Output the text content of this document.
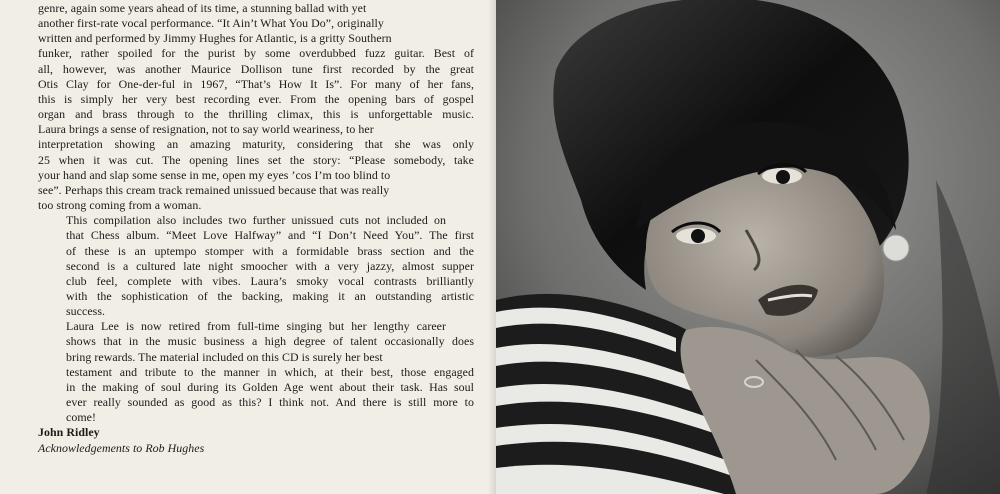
genre, again some years ahead of its time, a stunning ballad with yet
another first-rate vocal performance. “It Ain’t What You Do”, originally
written and performed by Jimmy Hughes for Atlantic, is a gritty Southern
funker, rather spoiled for the purist by some overdubbed fuzz guitar. Best of
all, however, was another Maurice Dollison tune first recorded by the great
Otis Clay for One-der-ful in 1967, “That’s How It Is”. For many of her fans,
this is simply her very best recording ever. From the opening bars of gospel
organ and brass through to the thrilling climax, this is unforgettable music.
Laura brings a sense of resignation, not to say world weariness, to her
interpretation showing an amazing maturity, considering that she was only
25 when it was cut. The opening lines set the story: “Please somebody, take
your hand and slap some sense in me, open my eyes ’cos I’m too blind to
see”. Perhaps this cream track remained unissued because that was really
too strong coming from a woman.

This compilation also includes two further unissued cuts not included on
that Chess album. “Meet Love Halfway” and “I Don’t Need You”. The first
of these is an uptempo stomper with a formidable brass section and the
second is a cultured late night smoocher with a very jazzy, almost supper
club feel, complete with vibes. Laura’s smoky vocal contrasts brilliantly
with the sophistication of the backing, making it an outstanding artistic
success.

Laura Lee is now retired from full-time singing but her lengthy career
shows that in the music business a high degree of talent occasionally does
bring rewards. The material included on this CD is surely her best
testament and tribute to the manner in which, at their best, those engaged
in the making of soul during its Golden Age went about their task. Has soul
ever really sounded as good as this? I think not. And there is still more to
come!

John Ridley

Acknowledgements to Rob Hughes
